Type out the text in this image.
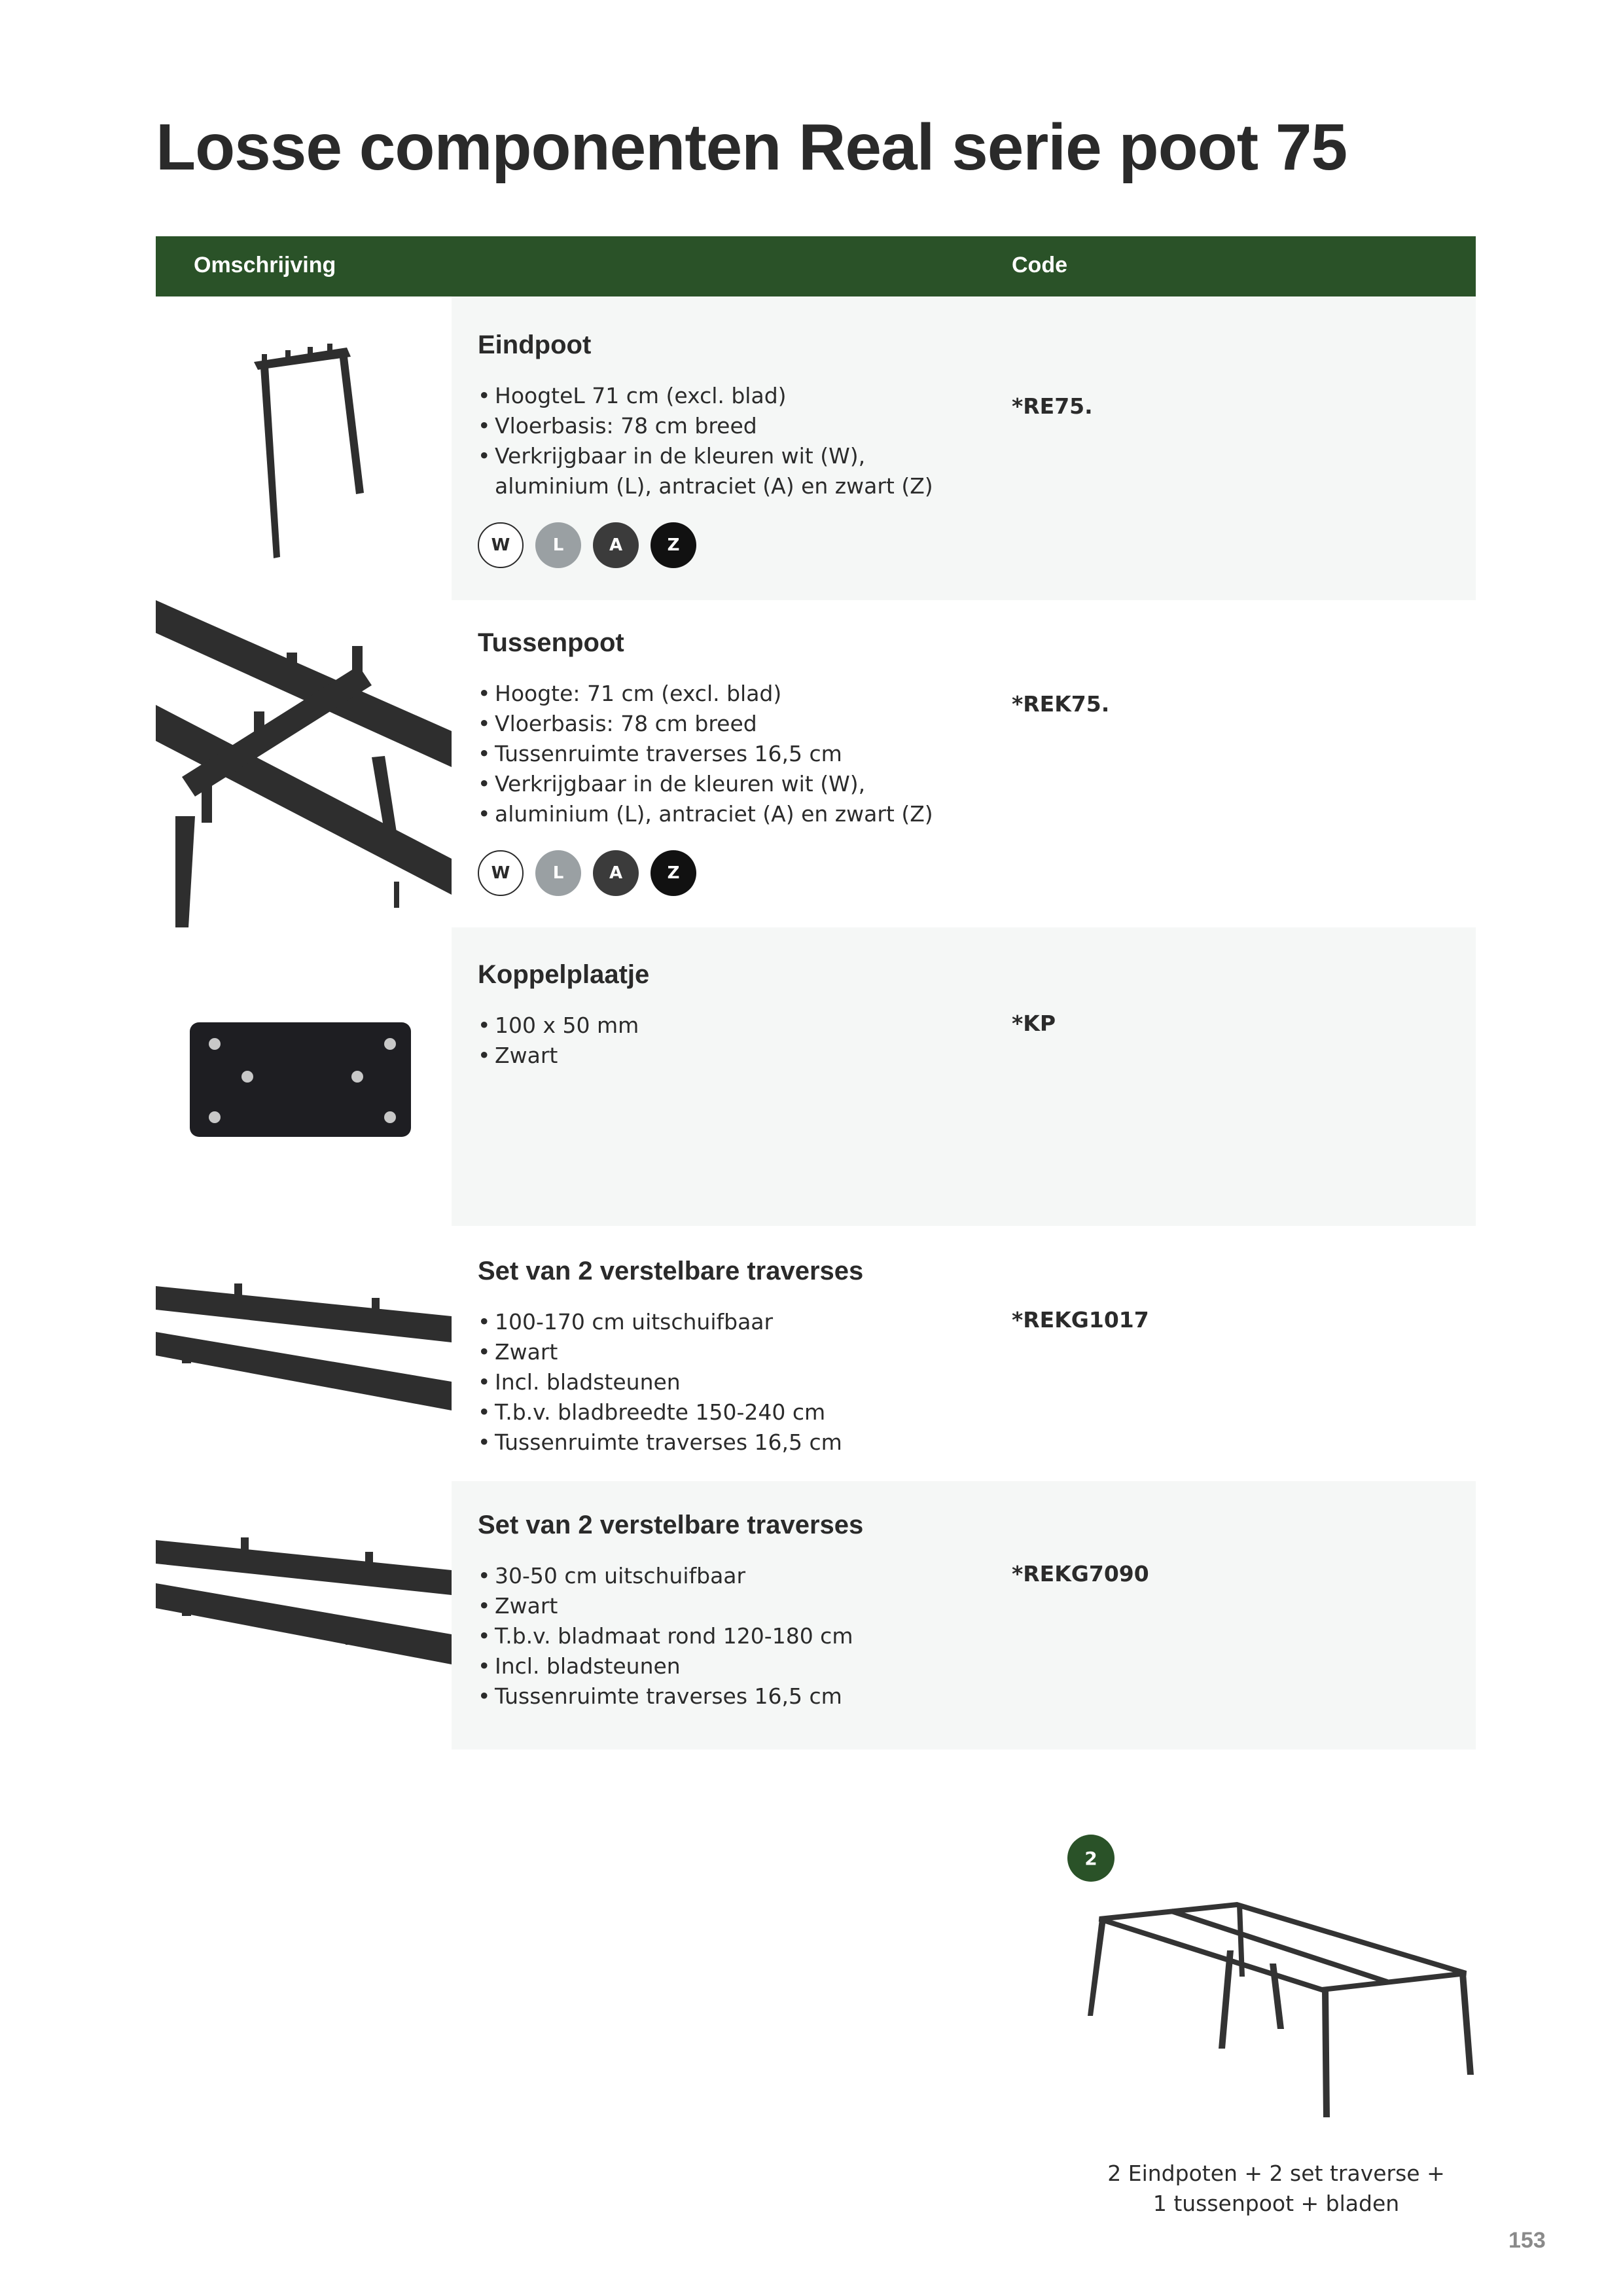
Losse componenten Real serie poot 75
Omschrijving	Code
Eindpoot
• HoogteL 71 cm (excl. blad)
• Vloerbasis: 78 cm breed
• Verkrijgbaar in de kleuren wit (W),
aluminium (L), antraciet (A) en zwart (Z)
*RE75.
W	L	A	Z
Tussenpoot
• Hoogte: 71 cm (excl. blad)
• Vloerbasis: 78 cm breed
• Tussenruimte traverses 16,5 cm
• Verkrijgbaar in de kleuren wit (W),
• aluminium (L), antraciet (A) en zwart (Z)
*REK75.
W	L	A	Z
Koppelplaatje
• 100 x 50 mm
• Zwart
*KP
Set van 2 verstelbare traverses
• 100-170 cm uitschuifbaar
• Zwart
• Incl. bladsteunen
• T.b.v. bladbreedte 150-240 cm
• Tussenruimte traverses 16,5 cm
*REKG1017
Set van 2 verstelbare traverses
• 30-50 cm uitschuifbaar
• Zwart
• T.b.v. bladmaat rond 120-180 cm
• Incl. bladsteunen
• Tussenruimte traverses 16,5 cm
*REKG7090
2
2 Eindpoten + 2 set traverse +
1 tussenpoot + bladen
153
